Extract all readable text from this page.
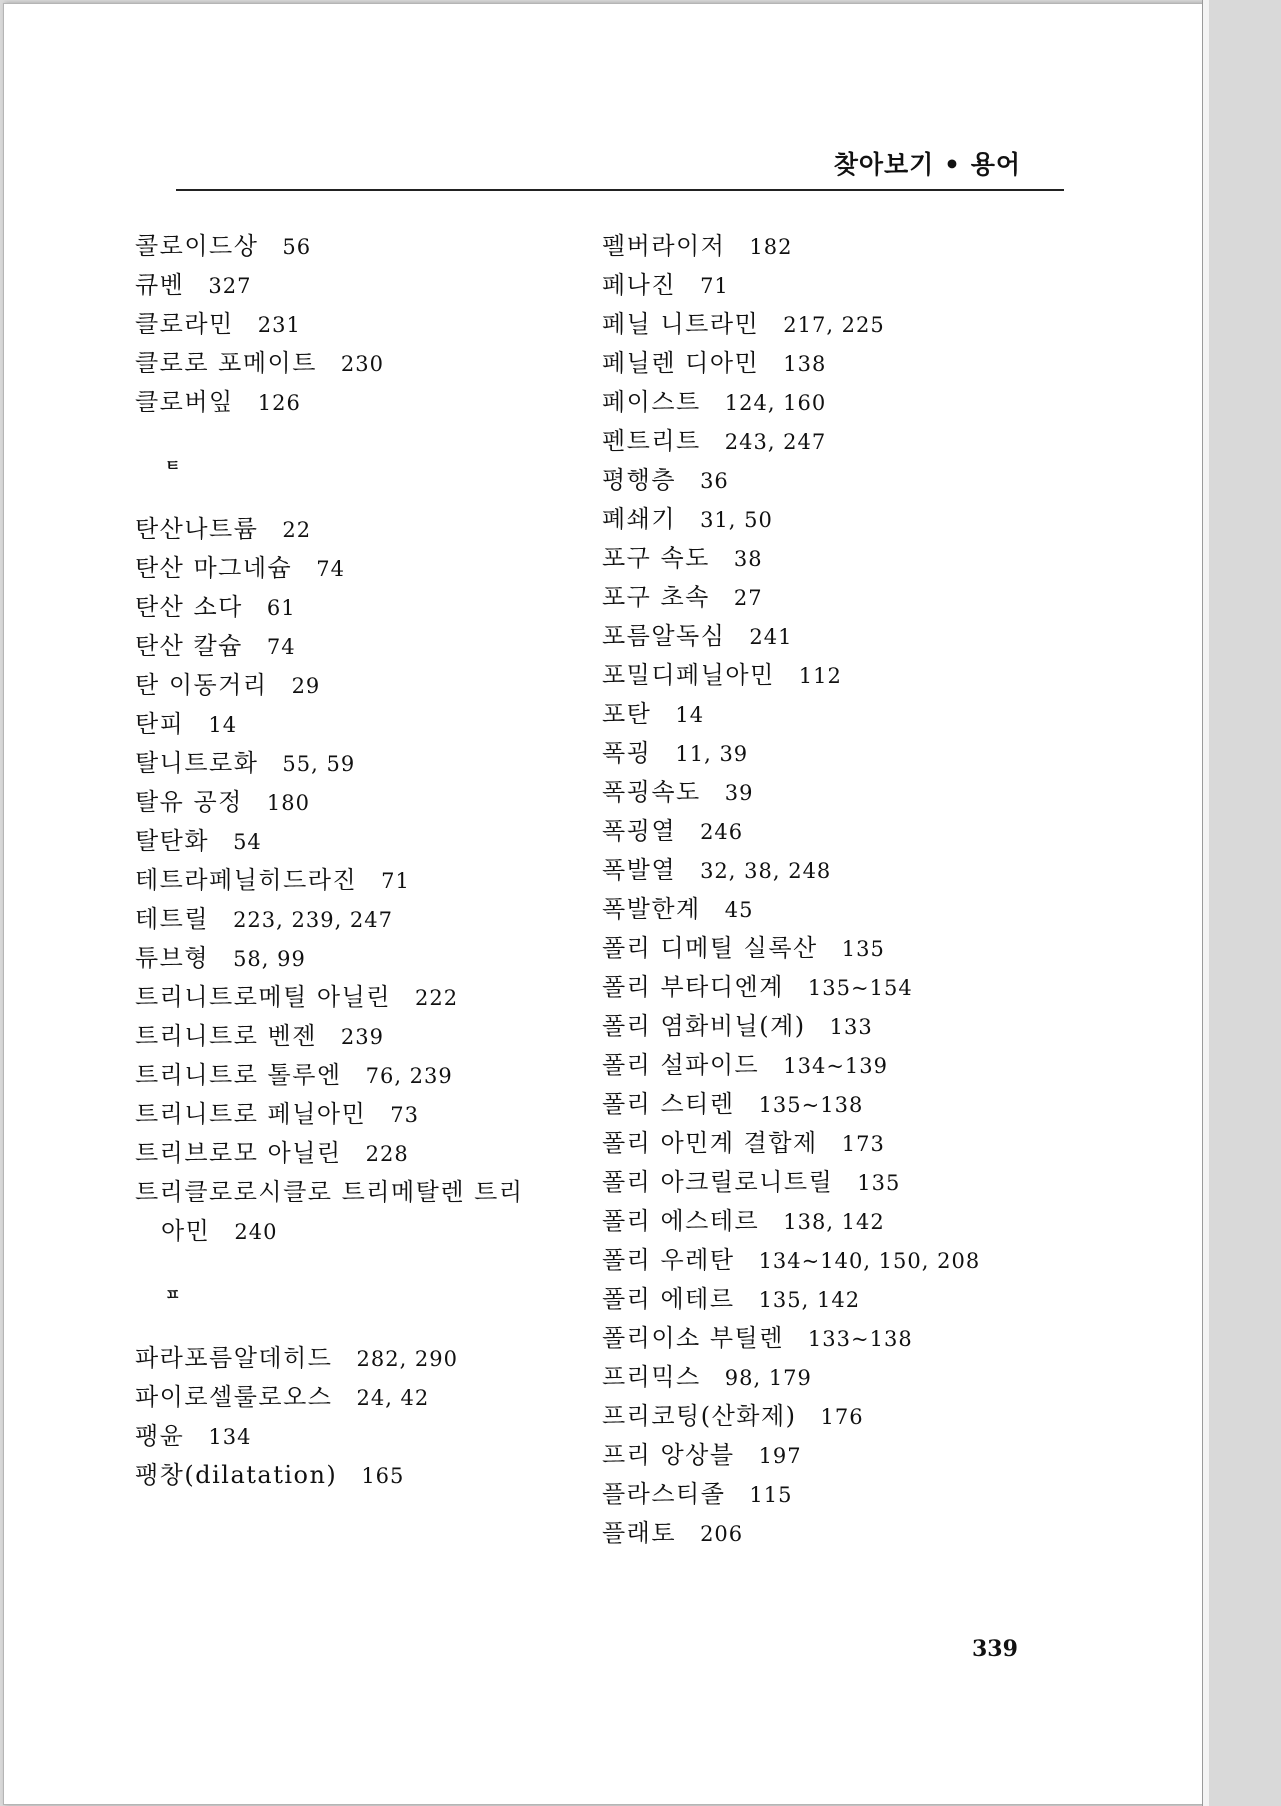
찾아보기 • 용어
콜로이드상 56
큐벤 327
클로라민 231
클로로 포메이트 230
클로버잎 126
ㅌ
탄산나트륨 22
탄산 마그네슘 74
탄산 소다 61
탄산 칼슘 74
탄 이동거리 29
탄피 14
탈니트로화 55, 59
탈유 공정 180
탈탄화 54
테트라페닐히드라진 71
테트릴 223, 239, 247
튜브형 58, 99
트리니트로메틸 아닐린 222
트리니트로 벤젠 239
트리니트로 톨루엔 76, 239
트리니트로 페닐아민 73
트리브로모 아닐린 228
트리클로로시클로 트리메탈렌 트리
아민 240
ㅍ
파라포름알데히드 282, 290
파이로셀룰로오스 24, 42
팽윤 134
팽창(dilatation) 165
펠버라이저 182
페나진 71
페닐 니트라민 217, 225
페닐렌 디아민 138
페이스트 124, 160
펜트리트 243, 247
평행층 36
폐쇄기 31, 50
포구 속도 38
포구 초속 27
포름알독심 241
포밀디페닐아민 112
포탄 14
폭굉 11, 39
폭굉속도 39
폭굉열 246
폭발열 32, 38, 248
폭발한계 45
폴리 디메틸 실록산 135
폴리 부타디엔계 135~154
폴리 염화비닐(계) 133
폴리 설파이드 134~139
폴리 스티렌 135~138
폴리 아민계 결합제 173
폴리 아크릴로니트릴 135
폴리 에스테르 138, 142
폴리 우레탄 134~140, 150, 208
폴리 에테르 135, 142
폴리이소 부틸렌 133~138
프리믹스 98, 179
프리코팅(산화제) 176
프리 앙상블 197
플라스티졸 115
플래토 206
339
